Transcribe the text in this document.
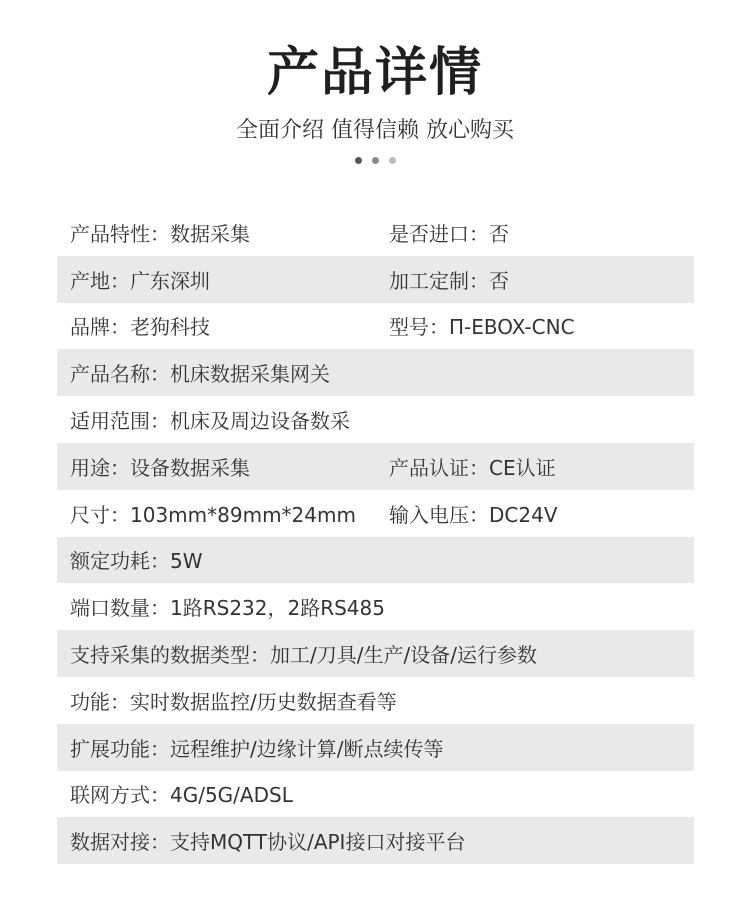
产品详情
全面介绍 值得信赖 放心购买
产品特性：数据采集	是否进口：否
产地：广东深圳	加工定制：否
品牌：老狗科技	型号：Π-EBOX-CNC
产品名称：机床数据采集网关
适用范围：机床及周边设备数采
用途：设备数据采集	产品认证：CE认证
尺寸：103mm*89mm*24mm	输入电压：DC24V
额定功耗：5W
端口数量：1路RS232，2路RS485
支持采集的数据类型：加工/刀具/生产/设备/运行参数
功能：实时数据监控/历史数据查看等
扩展功能：远程维护/边缘计算/断点续传等
联网方式：4G/5G/ADSL
数据对接：支持MQTT协议/API接口对接平台
